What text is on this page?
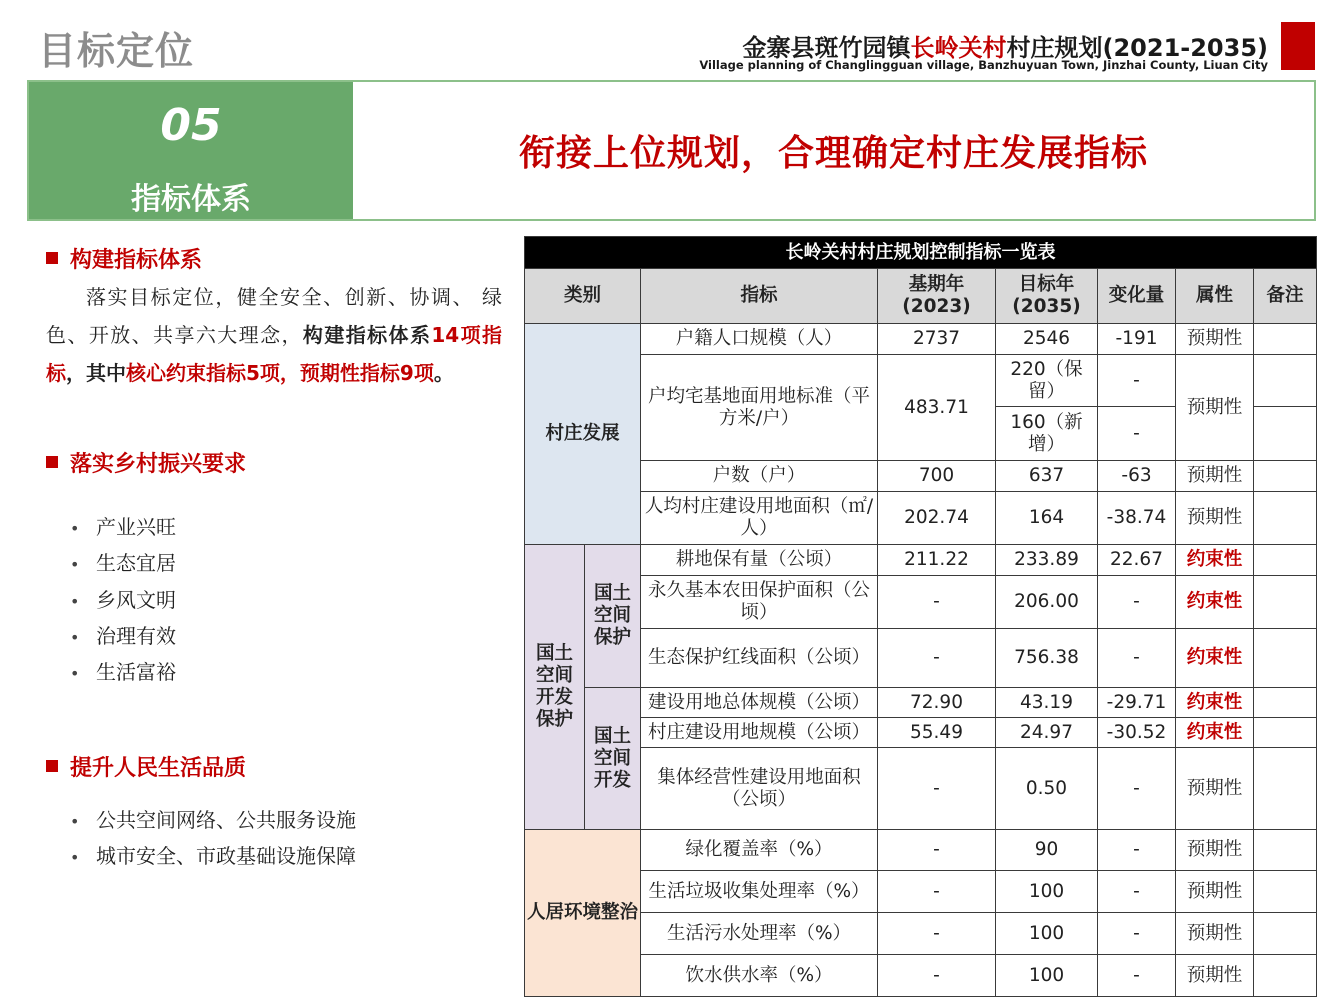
目标定位	金寨县斑竹园镇长岭关村村庄规划(2021-2035)
Village planning of Changlingguan village, Banzhuyuan Town, Jinzhai County, Liuan City
05
指标体系
衔接上位规划，合理确定村庄发展指标
构建指标体系
落实目标定位，健全安全、创新、协调、 绿色、开放、共享六大理念，构建指标体系14项指标，其中核心约束指标5项，预期性指标9项。
落实乡村振兴要求
• 产业兴旺
• 生态宜居
• 乡风文明
• 治理有效
• 生活富裕
提升人民生活品质
• 公共空间网络、公共服务设施
• 城市安全、市政基础设施保障
长岭关村村庄规划控制指标一览表							
类别		指标	基期年(2023)	目标年(2035)	变化量	属性	备注
村庄发展		户籍人口规模（人）	2737	2546	-191	预期性	
		户均宅基地面用地标准（平方米/户）	483.71	220（保留）	-	预期性	
				160（新增）	-		
		户数（户）	700	637	-63	预期性	
		人均村庄建设用地面积（㎡/人）	202.74	164	-38.74	预期性	

国土空间开发保护	国土空间保护	耕地保有量（公顷）	211.22	233.89	22.67	约束性	
		永久基本农田保护面积（公顷）	-	206.00	-	约束性	
		生态保护红线面积（公顷）	-	756.38	-	约束性	
	国土空间开发	建设用地总体规模（公顷）	72.90	43.19	-29.71	约束性	
		村庄建设用地规模（公顷）	55.49	24.97	-30.52	约束性	
		集体经营性建设用地面积（公顷）	-	0.50	-	预期性	
人居环境整治		绿化覆盖率（%）	-	90	-	预期性	
		生活垃圾收集处理率（%）	-	100	-	预期性	
		生活污水处理率（%）	-	100	-	预期性	
		饮水供水率（%）	-	100	-	预期性	
